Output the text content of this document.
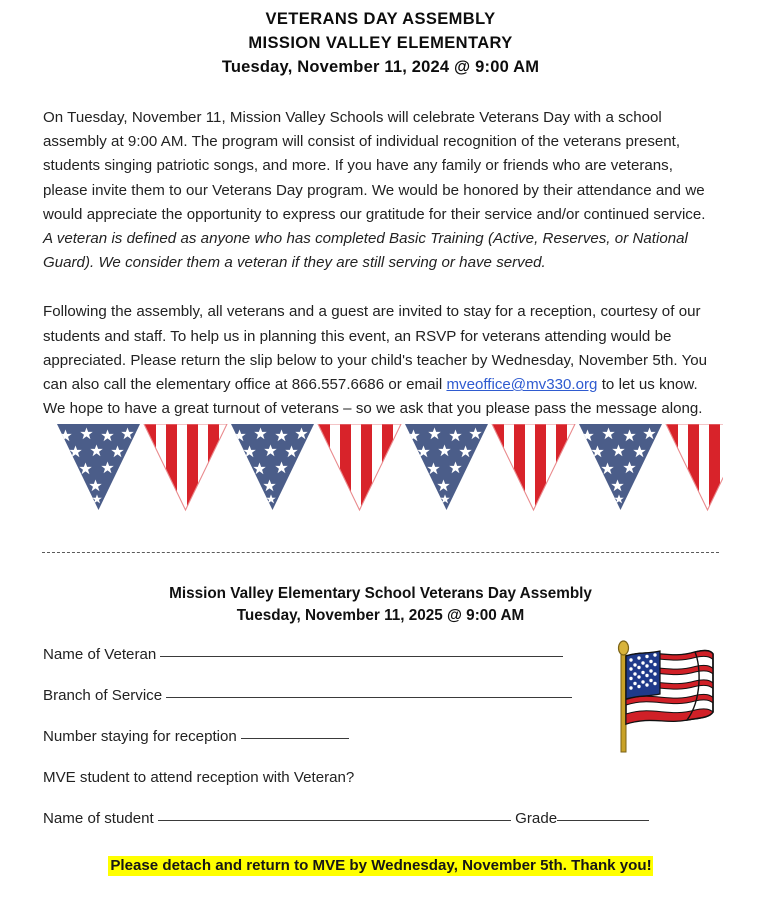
VETERANS DAY ASSEMBLY
MISSION VALLEY ELEMENTARY
Tuesday, November 11, 2024 @ 9:00 AM

On Tuesday, November 11, Mission Valley Schools will celebrate Veterans Day with a school assembly at 9:00 AM. The program will consist of individual recognition of the veterans present, students singing patriotic songs, and more. If you have any family or friends who are veterans, please invite them to our Veterans Day program. We would be honored by their attendance and we would appreciate the opportunity to express our gratitude for their service and/or continued service. A veteran is defined as anyone who has completed Basic Training (Active, Reserves, or National Guard). We consider them a veteran if they are still serving or have served.

Following the assembly, all veterans and a guest are invited to stay for a reception, courtesy of our students and staff. To help us in planning this event, an RSVP for veterans attending would be appreciated. Please return the slip below to your child's teacher by Wednesday, November 5th. You can also call the elementary office at 866.557.6686 or email mveoffice@mv330.org to let us know. We hope to have a great turnout of veterans – so we ask that you please pass the message along.

Mission Valley Elementary School Veterans Day Assembly
Tuesday, November 11, 2025 @ 9:00 AM
Name of Veteran
Branch of Service
Number staying for reception
MVE student to attend reception with Veteran?
Name of student	Grade
Please detach and return to MVE by Wednesday, November 5th. Thank you!
